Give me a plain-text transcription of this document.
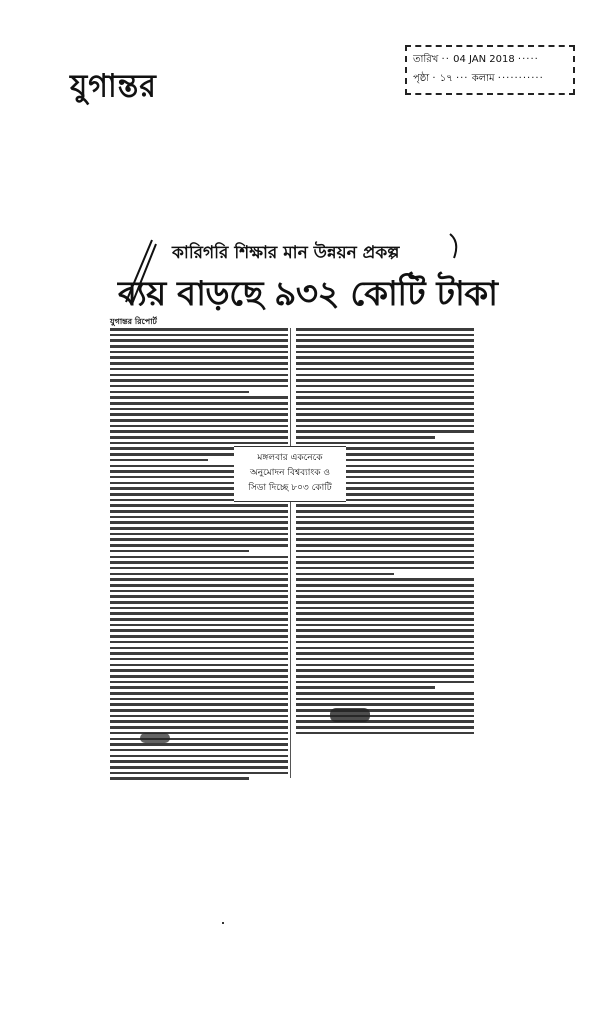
যুগান্তর
তারিখ ·· 04 JAN 2018 ·····
পৃষ্ঠা · ১৭ ··· কলাম ···········
কারিগরি শিক্ষার মান উন্নয়ন প্রকল্প
ব্যয় বাড়ছে ৯৩২ কোটি টাকা
যুগান্তর রিপোর্ট
মঙ্গলবার একনেকে
অনুমোদন বিশ্বব্যাংক ও
সিডা দিচ্ছে ৮০৩ কোটি
